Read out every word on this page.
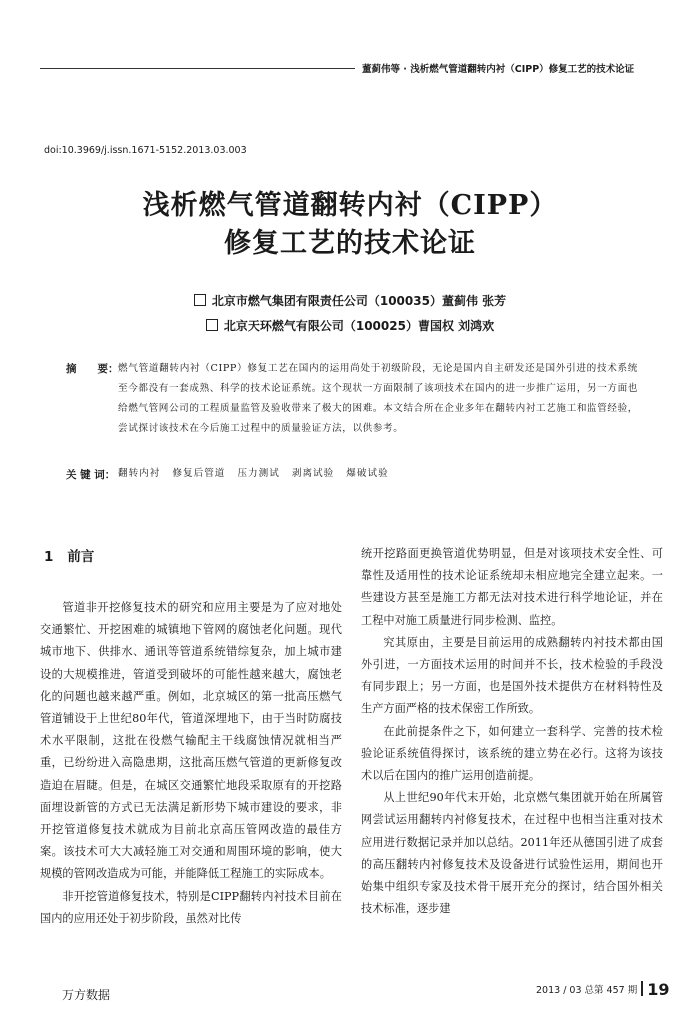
董蓟伟等 · 浅析燃气管道翻转内衬（CIPP）修复工艺的技术论证
doi:10.3969/j.issn.1671-5152.2013.03.003
浅析燃气管道翻转内衬（CIPP）
修复工艺的技术论证
北京市燃气集团有限责任公司（100035）董蓟伟 张芳
北京天环燃气有限公司（100025）曹国权 刘鸿欢
摘　　要： 燃气管道翻转内衬（CIPP）修复工艺在国内的运用尚处于初级阶段，无论是国内自主研发还是国外引进的技术系统至今都没有一套成熟、科学的技术论证系统。这个现状一方面限制了该项技术在国内的进一步推广运用，另一方面也给燃气管网公司的工程质量监管及验收带来了极大的困难。本文结合所在企业多年在翻转内衬工艺施工和监管经验，尝试探讨该技术在今后施工过程中的质量验证方法，以供参考。
关 键 词： 翻转内衬 修复后管道 压力测试 剥离试验 爆破试验
1 前言

管道非开挖修复技术的研究和应用主要是为了应对地处交通繁忙、开挖困难的城镇地下管网的腐蚀老化问题。现代城市地下、供排水、通讯等管道系统错综复杂，加上城市建设的大规模推进，管道受到破坏的可能性越来越大，腐蚀老化的问题也越来越严重。例如，北京城区的第一批高压燃气管道铺设于上世纪80年代，管道深埋地下，由于当时防腐技术水平限制，这批在役燃气输配主干线腐蚀情况就相当严重，已纷纷进入高隐患期，这批高压燃气管道的更新修复改造迫在眉睫。但是，在城区交通繁忙地段采取原有的开挖路面埋设新管的方式已无法满足新形势下城市建设的要求，非开挖管道修复技术就成为目前北京高压管网改造的最佳方案。该技术可大大减轻施工对交通和周围环境的影响，使大规模的管网改造成为可能，并能降低工程施工的实际成本。

非开挖管道修复技术，特别是CIPP翻转内衬技术目前在国内的应用还处于初步阶段，虽然对比传

统开挖路面更换管道优势明显，但是对该项技术安全性、可靠性及适用性的技术论证系统却未相应地完全建立起来。一些建设方甚至是施工方都无法对技术进行科学地论证，并在工程中对施工质量进行同步检测、监控。

究其原由，主要是目前运用的成熟翻转内衬技术都由国外引进，一方面技术运用的时间并不长，技术检验的手段没有同步跟上；另一方面，也是国外技术提供方在材料特性及生产方面严格的技术保密工作所致。

在此前提条件之下，如何建立一套科学、完善的技术检验论证系统值得探讨，该系统的建立势在必行。这将为该技术以后在国内的推广运用创造前提。

从上世纪90年代末开始，北京燃气集团就开始在所属管网尝试运用翻转内衬修复技术，在过程中也相当注重对技术应用进行数据记录并加以总结。2011年还从德国引进了成套的高压翻转内衬修复技术及设备进行试验性运用，期间也开始集中组织专家及技术骨干展开充分的探讨，结合国外相关技术标准，逐步建

万方数据	2013 / 03 总第 457 期 19
